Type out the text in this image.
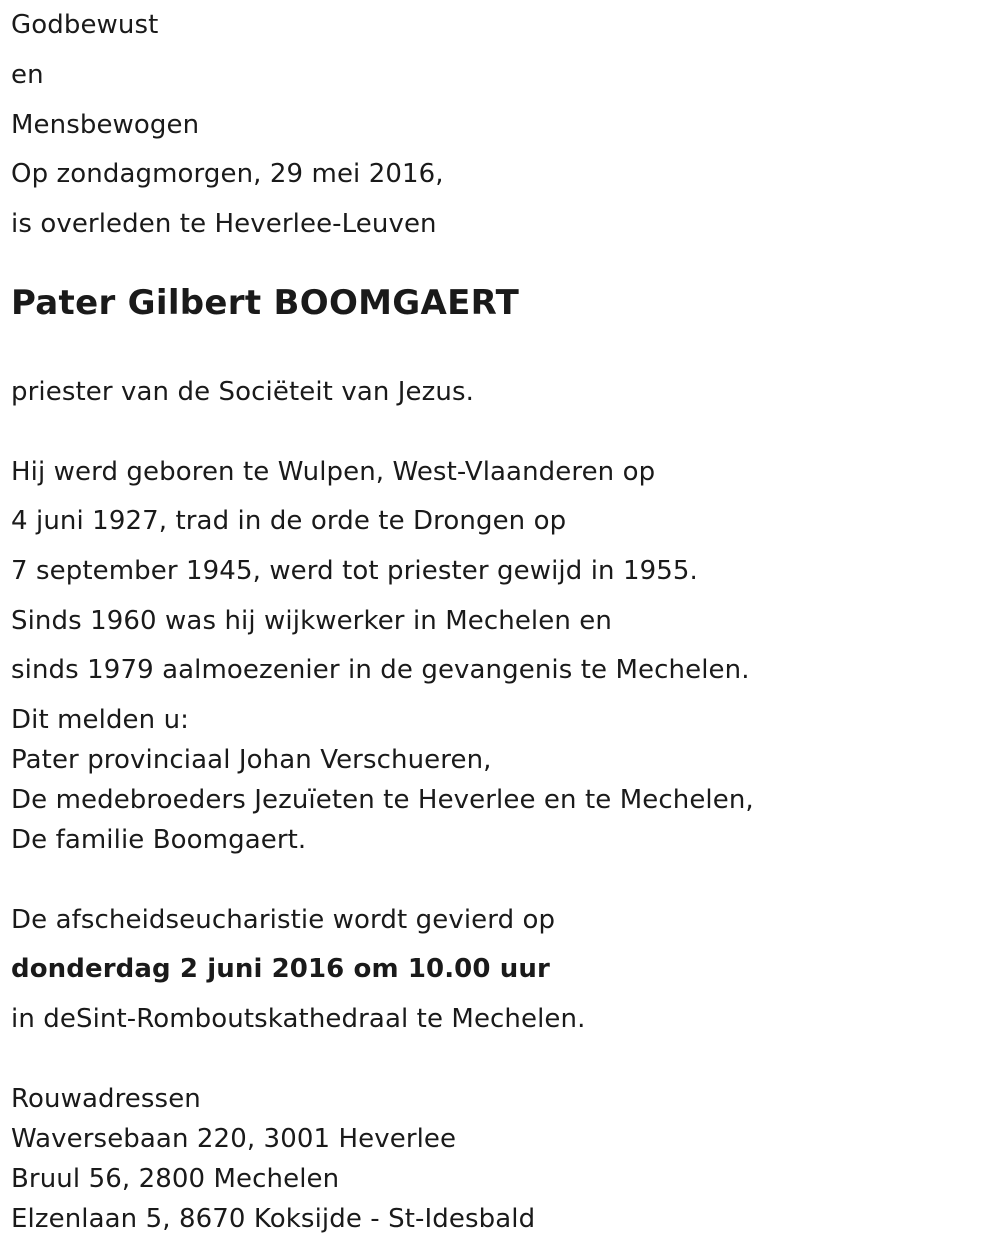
Godbewust
en
Mensbewogen
Op zondagmorgen, 29 mei 2016,
is overleden te Heverlee-Leuven
Pater Gilbert BOOMGAERT
priester van de Sociëteit van Jezus.
Hij werd geboren te Wulpen, West-Vlaanderen op
4 juni 1927, trad in de orde te Drongen op
7 september 1945, werd tot priester gewijd in 1955.
Sinds 1960 was hij wijkwerker in Mechelen en
sinds 1979 aalmoezenier in de gevangenis te Mechelen.
Dit melden u:
Pater provinciaal Johan Verschueren,
De medebroeders Jezuïeten te Heverlee en te Mechelen,
De familie Boomgaert.
De afscheidseucharistie wordt gevierd op
donderdag 2 juni 2016 om 10.00 uur
in deSint-Romboutskathedraal te Mechelen.
Rouwadressen
Waversebaan 220, 3001 Heverlee
Bruul 56, 2800 Mechelen
Elzenlaan 5, 8670 Koksijde - St-Idesbald
